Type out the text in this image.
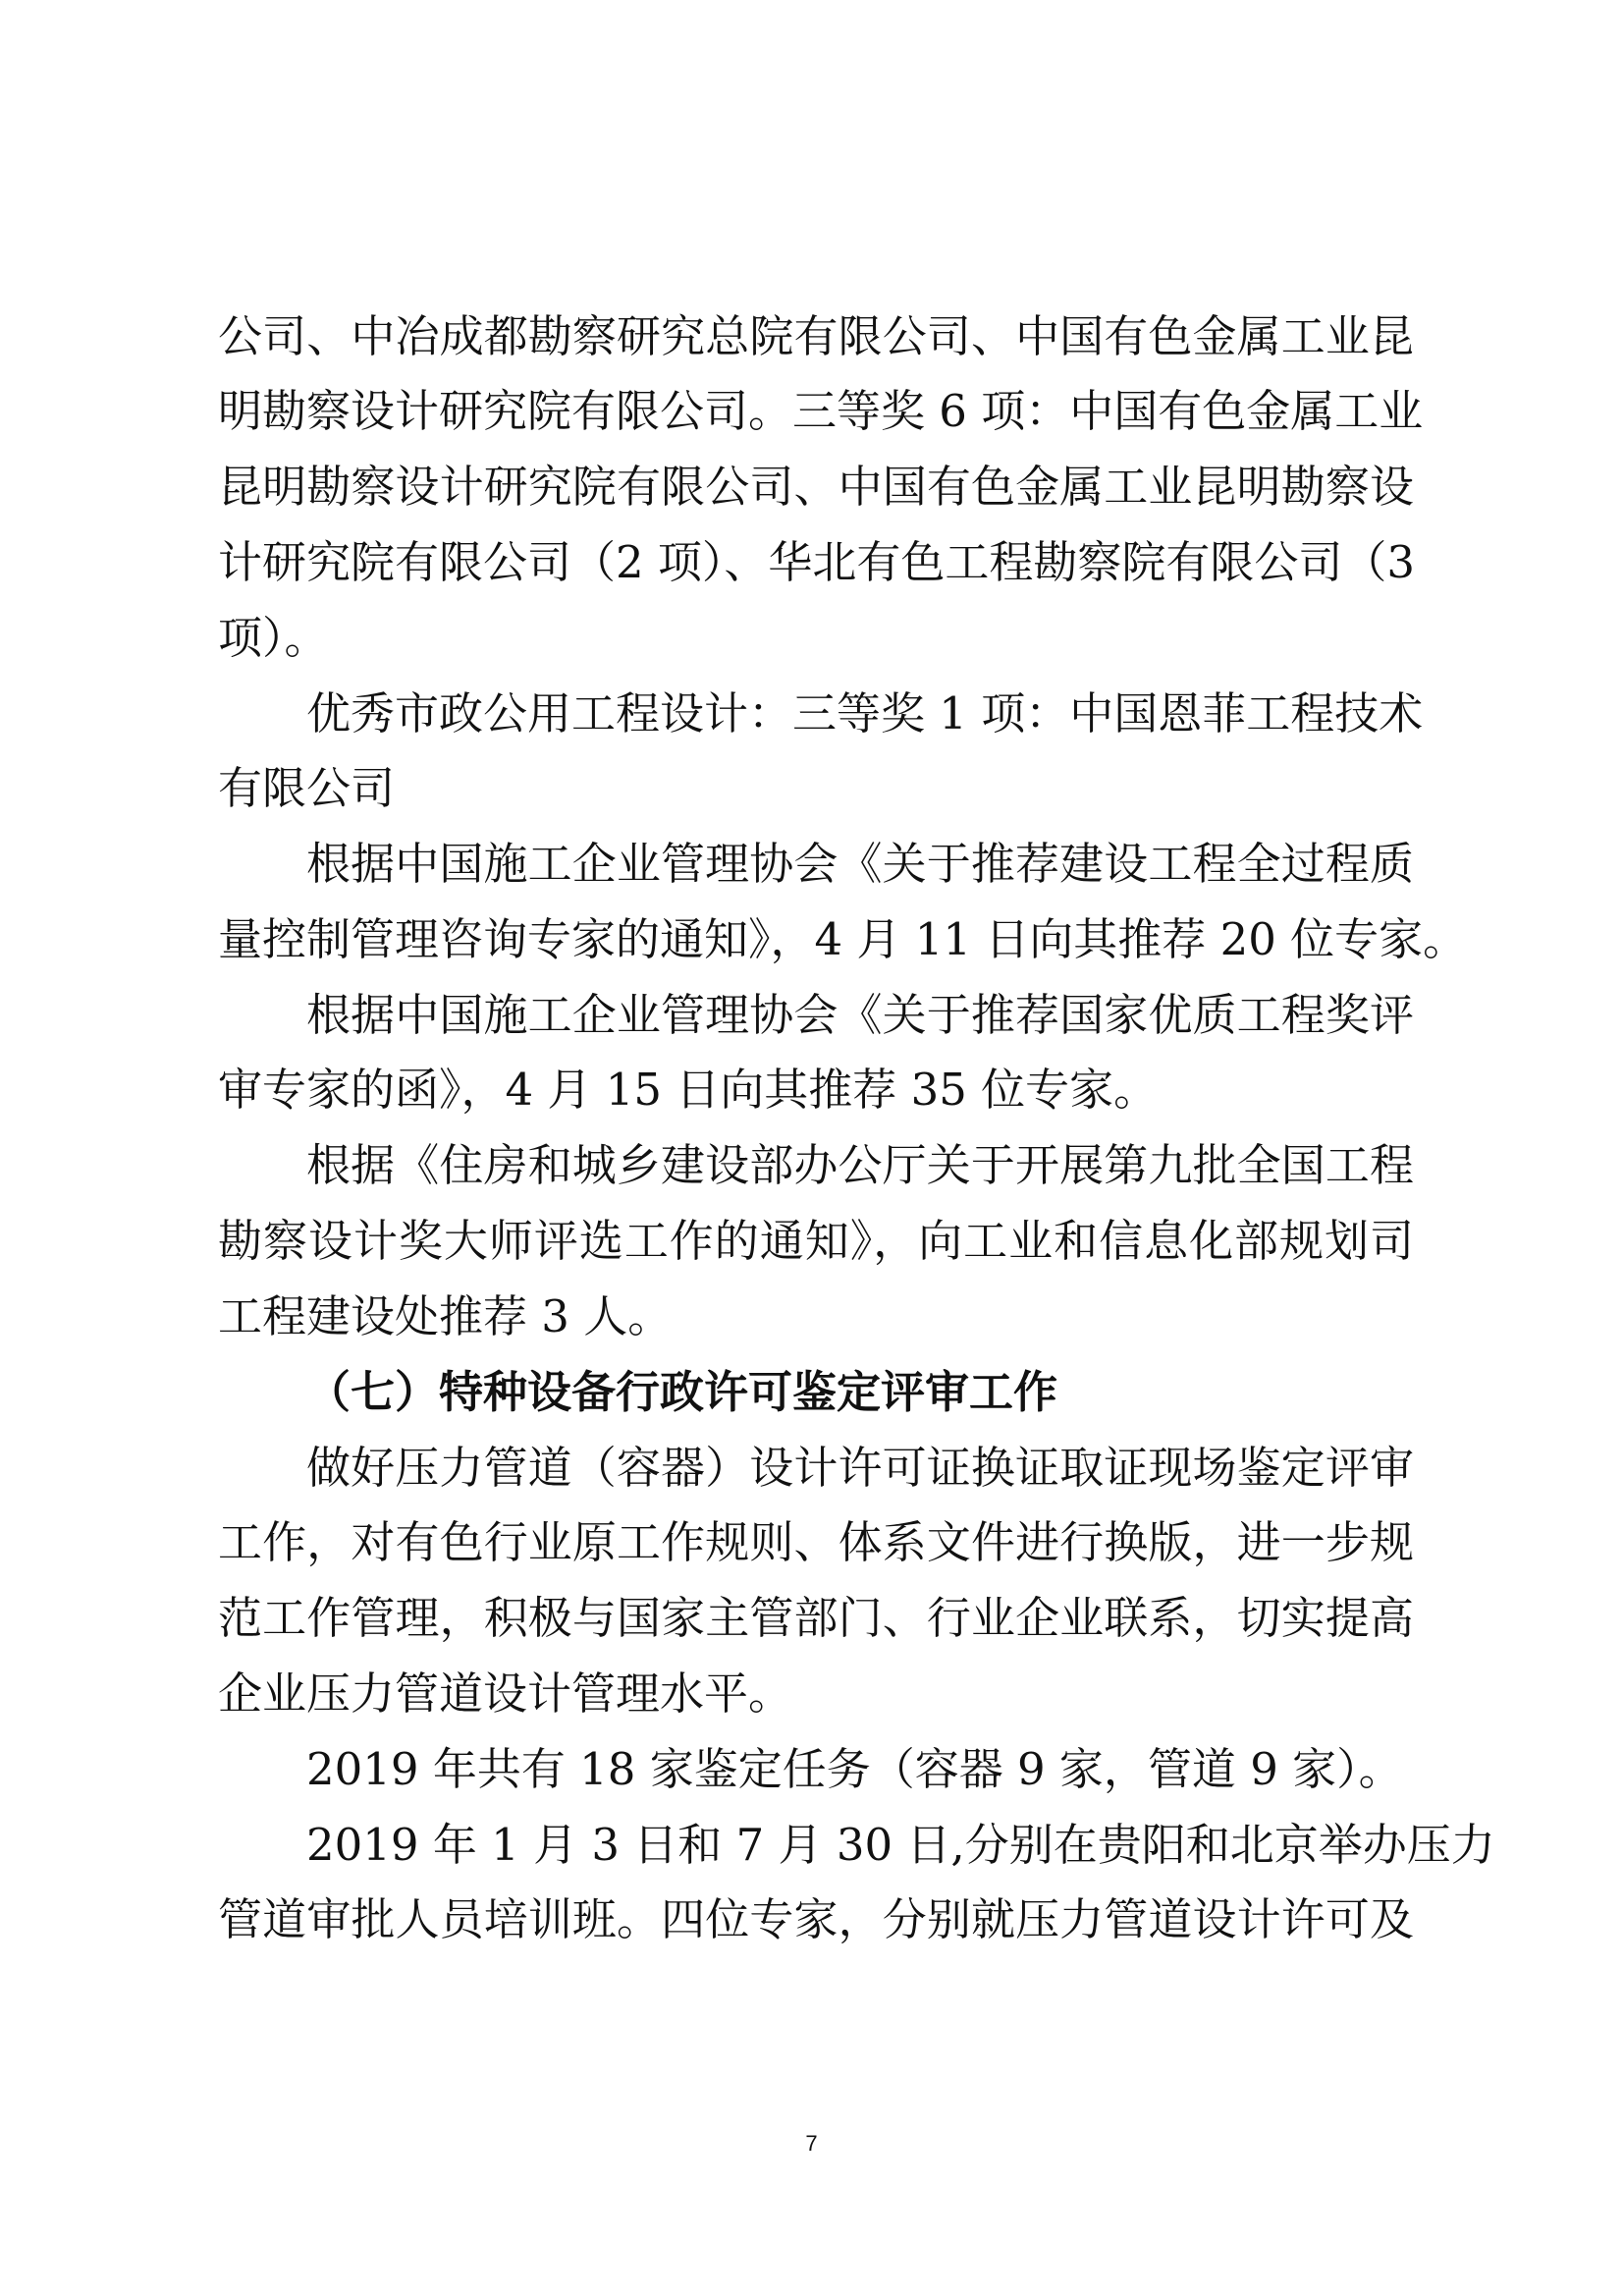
公司、中冶成都勘察研究总院有限公司、中国有色金属工业昆
明勘察设计研究院有限公司。三等奖 6 项：中国有色金属工业
昆明勘察设计研究院有限公司、中国有色金属工业昆明勘察设
计研究院有限公司（2 项）、华北有色工程勘察院有限公司（3
项）。
优秀市政公用工程设计：三等奖 1 项：中国恩菲工程技术
有限公司
根据中国施工企业管理协会《关于推荐建设工程全过程质
量控制管理咨询专家的通知》，4 月 11 日向其推荐 20 位专家。
根据中国施工企业管理协会《关于推荐国家优质工程奖评
审专家的函》，4 月 15 日向其推荐 35 位专家。
根据《住房和城乡建设部办公厅关于开展第九批全国工程
勘察设计奖大师评选工作的通知》，向工业和信息化部规划司
工程建设处推荐 3 人。
（七）特种设备行政许可鉴定评审工作
做好压力管道（容器）设计许可证换证取证现场鉴定评审
工作，对有色行业原工作规则、体系文件进行换版，进一步规
范工作管理，积极与国家主管部门、行业企业联系，切实提高
企业压力管道设计管理水平。
2019 年共有 18 家鉴定任务（容器 9 家，管道 9 家）。
2019 年 1 月 3 日和 7 月 30 日,分别在贵阳和北京举办压力
管道审批人员培训班。四位专家，分别就压力管道设计许可及
7
